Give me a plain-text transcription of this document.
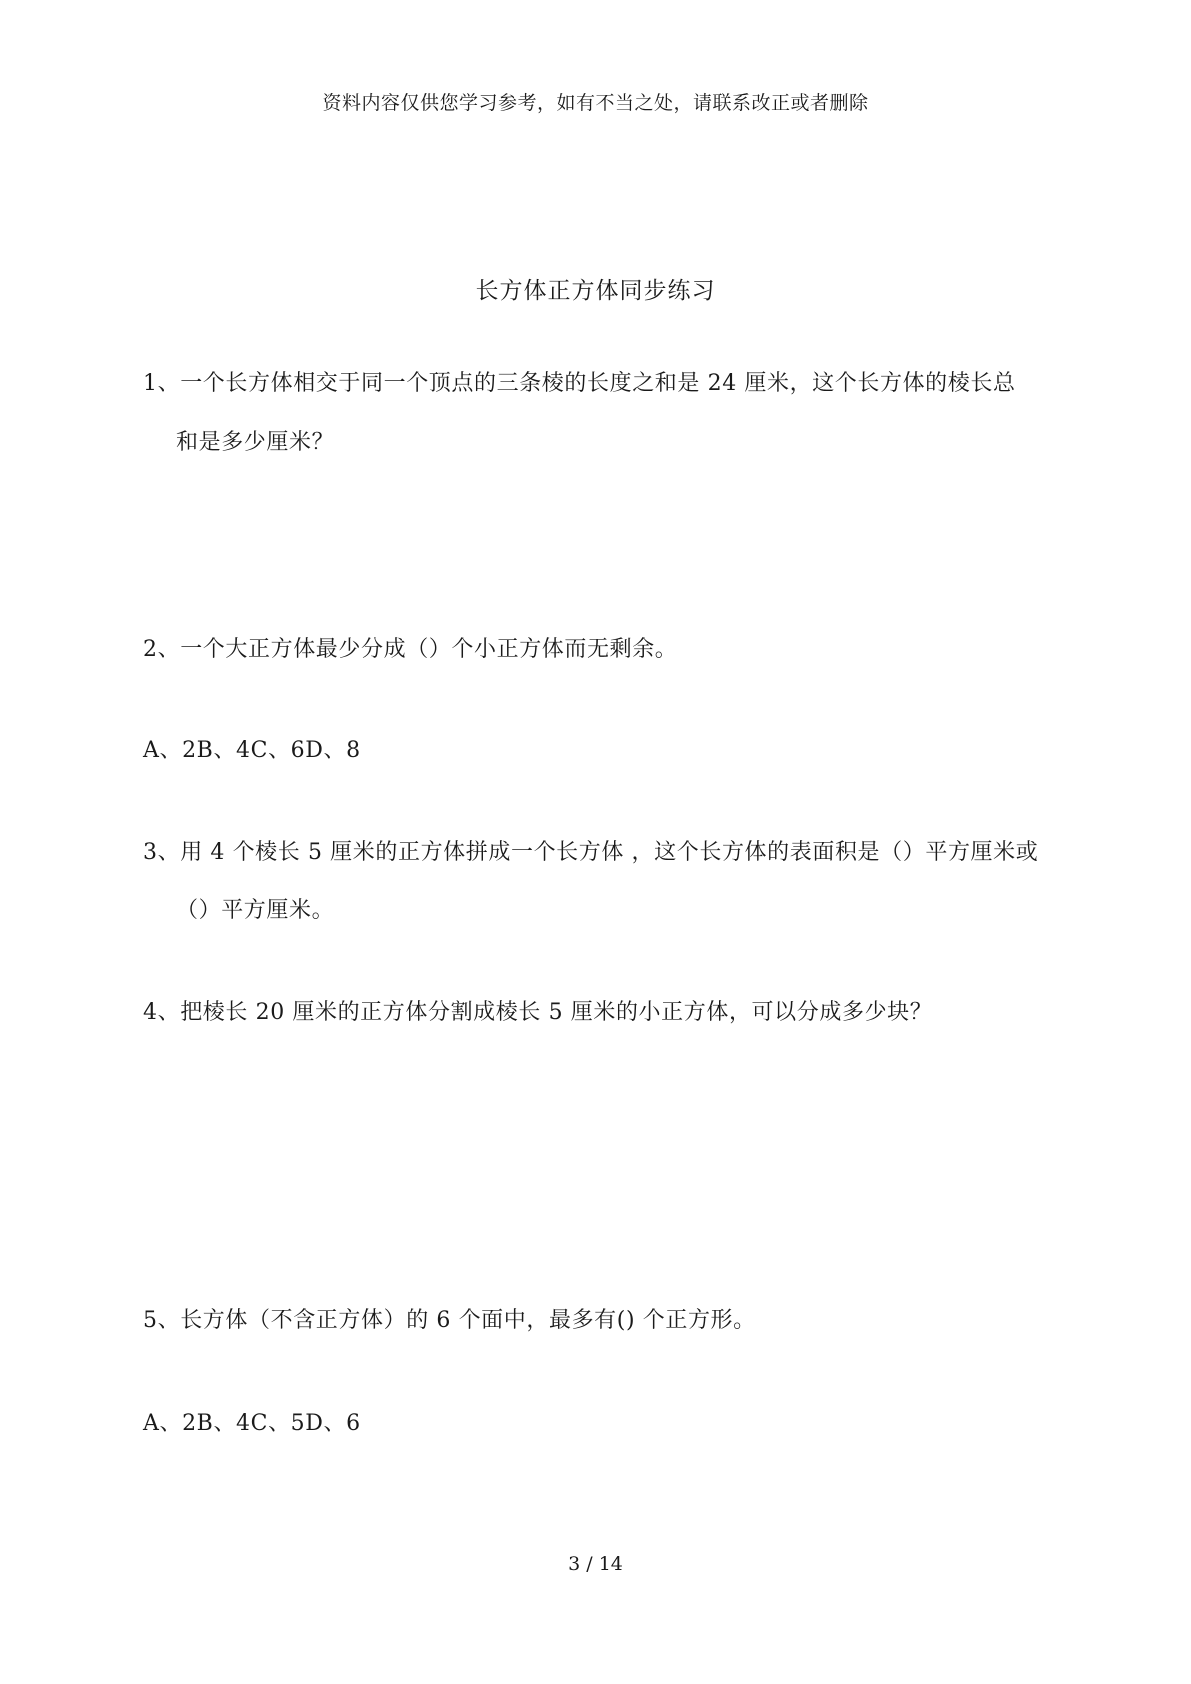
资料内容仅供您学习参考，如有不当之处，请联系改正或者删除
长方体正方体同步练习
1、一个长方体相交于同一个顶点的三条棱的长度之和是 24 厘米，这个长方体的棱长总
和是多少厘米？
2、一个大正方体最少分成（）个小正方体而无剩余。
A、2B、4C、6D、8
3、用 4 个棱长 5 厘米的正方体拼成一个长方体 ，这个长方体的表面积是（）平方厘米或
（）平方厘米。
4、把棱长 20 厘米的正方体分割成棱长 5 厘米的小正方体，可以分成多少块？
5、长方体（不含正方体）的 6 个面中，最多有() 个正方形。
A、2B、4C、5D、6
3 / 14
